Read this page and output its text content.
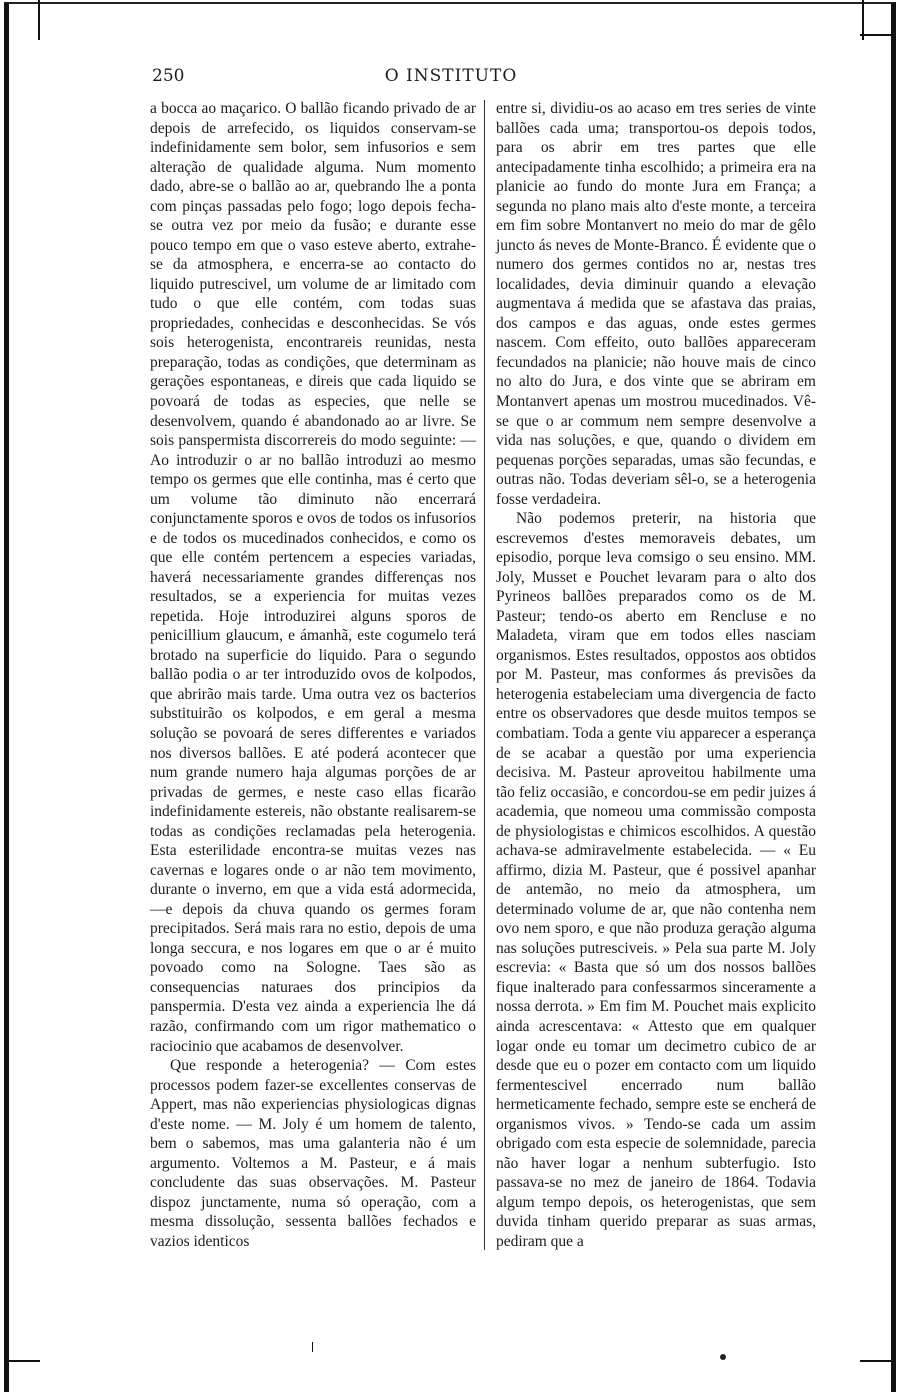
250	O INSTITUTO

a bocca ao maçarico. O ballão ficando privado de ar depois de arrefecido, os liquidos conservam-se indefinidamente sem bolor, sem infusorios e sem alteração de qualidade alguma. Num momento dado, abre-se o ballão ao ar, quebrando lhe a ponta com pinças passadas pelo fogo; logo depois fecha-se outra vez por meio da fusão; e durante esse pouco tempo em que o vaso esteve aberto, extrahe-se da atmosphera, e encerra-se ao contacto do liquido putrescivel, um volume de ar limitado com tudo o que elle contém, com todas suas propriedades, conhecidas e desconhecidas. Se vós sois heterogenista, encontrareis reunidas, nesta preparação, todas as condições, que determinam as gerações espontaneas, e direis que cada liquido se povoará de todas as especies, que nelle se desenvolvem, quando é abandonado ao ar livre. Se sois panspermista discorrereis do modo seguinte: — Ao introduzir o ar no ballão introduzi ao mesmo tempo os germes que elle continha, mas é certo que um volume tão diminuto não encerrará conjunctamente sporos e ovos de todos os infusorios e de todos os mucedinados conhecidos, e como os que elle contém pertencem a especies variadas, haverá necessariamente grandes differenças nos resultados, se a experiencia for muitas vezes repetida. Hoje introduzirei alguns sporos de penicillium glaucum, e ámanhã, este cogumelo terá brotado na superficie do liquido. Para o segundo ballão podia o ar ter introduzido ovos de kolpodos, que abrirão mais tarde. Uma outra vez os bacterios substituirão os kolpodos, e em geral a mesma solução se povoará de seres differentes e variados nos diversos ballões. E até poderá acontecer que num grande numero haja algumas porções de ar privadas de germes, e neste caso ellas ficarão indefinidamente estereis, não obstante realisarem-se todas as condições reclamadas pela heterogenia. Esta esterilidade encontra-se muitas vezes nas cavernas e logares onde o ar não tem movimento, durante o inverno, em que a vida está adormecida,—e depois da chuva quando os germes foram precipitados. Será mais rara no estio, depois de uma longa seccura, e nos logares em que o ar é muito povoado como na Sologne. Taes são as consequencias naturaes dos principios da panspermia. D'esta vez ainda a experiencia lhe dá razão, confirmando com um rigor mathematico o raciocinio que acabamos de desenvolver.

Que responde a heterogenia? — Com estes processos podem fazer-se excellentes conservas de Appert, mas não experiencias physiologicas dignas d'este nome. — M. Joly é um homem de talento, bem o sabemos, mas uma galanteria não é um argumento. Voltemos a M. Pasteur, e á mais concludente das suas observações. M. Pasteur dispoz junctamente, numa só operação, com a mesma dissolução, sessenta ballões fechados e vazios identicos

entre si, dividiu-os ao acaso em tres series de vinte ballões cada uma; transportou-os depois todos, para os abrir em tres partes que elle antecipadamente tinha escolhido; a primeira era na planicie ao fundo do monte Jura em França; a segunda no plano mais alto d'este monte, a terceira em fim sobre Montanvert no meio do mar de gêlo juncto ás neves de Monte-Branco. É evidente que o numero dos germes contidos no ar, nestas tres localidades, devia diminuir quando a elevação augmentava á medida que se afastava das praias, dos campos e das aguas, onde estes germes nascem. Com effeito, outo ballões appareceram fecundados na planicie; não houve mais de cinco no alto do Jura, e dos vinte que se abriram em Montanvert apenas um mostrou mucedinados. Vê-se que o ar commum nem sempre desenvolve a vida nas soluções, e que, quando o dividem em pequenas porções separadas, umas são fecundas, e outras não. Todas deveriam sêl-o, se a heterogenia fosse verdadeira.

Não podemos preterir, na historia que escrevemos d'estes memoraveis debates, um episodio, porque leva comsigo o seu ensino. MM. Joly, Musset e Pouchet levaram para o alto dos Pyrineos ballões preparados como os de M. Pasteur; tendo-os aberto em Rencluse e no Maladeta, viram que em todos elles nasciam organismos. Estes resultados, oppostos aos obtidos por M. Pasteur, mas conformes ás previsões da heterogenia estabeleciam uma divergencia de facto entre os observadores que desde muitos tempos se combatiam. Toda a gente viu apparecer a esperança de se acabar a questão por uma experiencia decisiva. M. Pasteur aproveitou habilmente uma tão feliz occasião, e concordou-se em pedir juizes á academia, que nomeou uma commissão composta de physiologistas e chimicos escolhidos. A questão achava-se admiravelmente estabelecida. — « Eu affirmo, dizia M. Pasteur, que é possivel apanhar de antemão, no meio da atmosphera, um determinado volume de ar, que não contenha nem ovo nem sporo, e que não produza geração alguma nas soluções putresciveis. » Pela sua parte M. Joly escrevia: « Basta que só um dos nossos ballões fique inalterado para confessarmos sinceramente a nossa derrota. » Em fim M. Pouchet mais explicito ainda acrescentava: « Attesto que em qualquer logar onde eu tomar um decimetro cubico de ar desde que eu o pozer em contacto com um liquido fermentescivel encerrado num ballão hermeticamente fechado, sempre este se encherá de organismos vivos. » Tendo-se cada um assim obrigado com esta especie de solemnidade, parecia não haver logar a nenhum subterfugio. Isto passava-se no mez de janeiro de 1864. Todavia algum tempo depois, os heterogenistas, que sem duvida tinham querido preparar as suas armas, pediram que a
